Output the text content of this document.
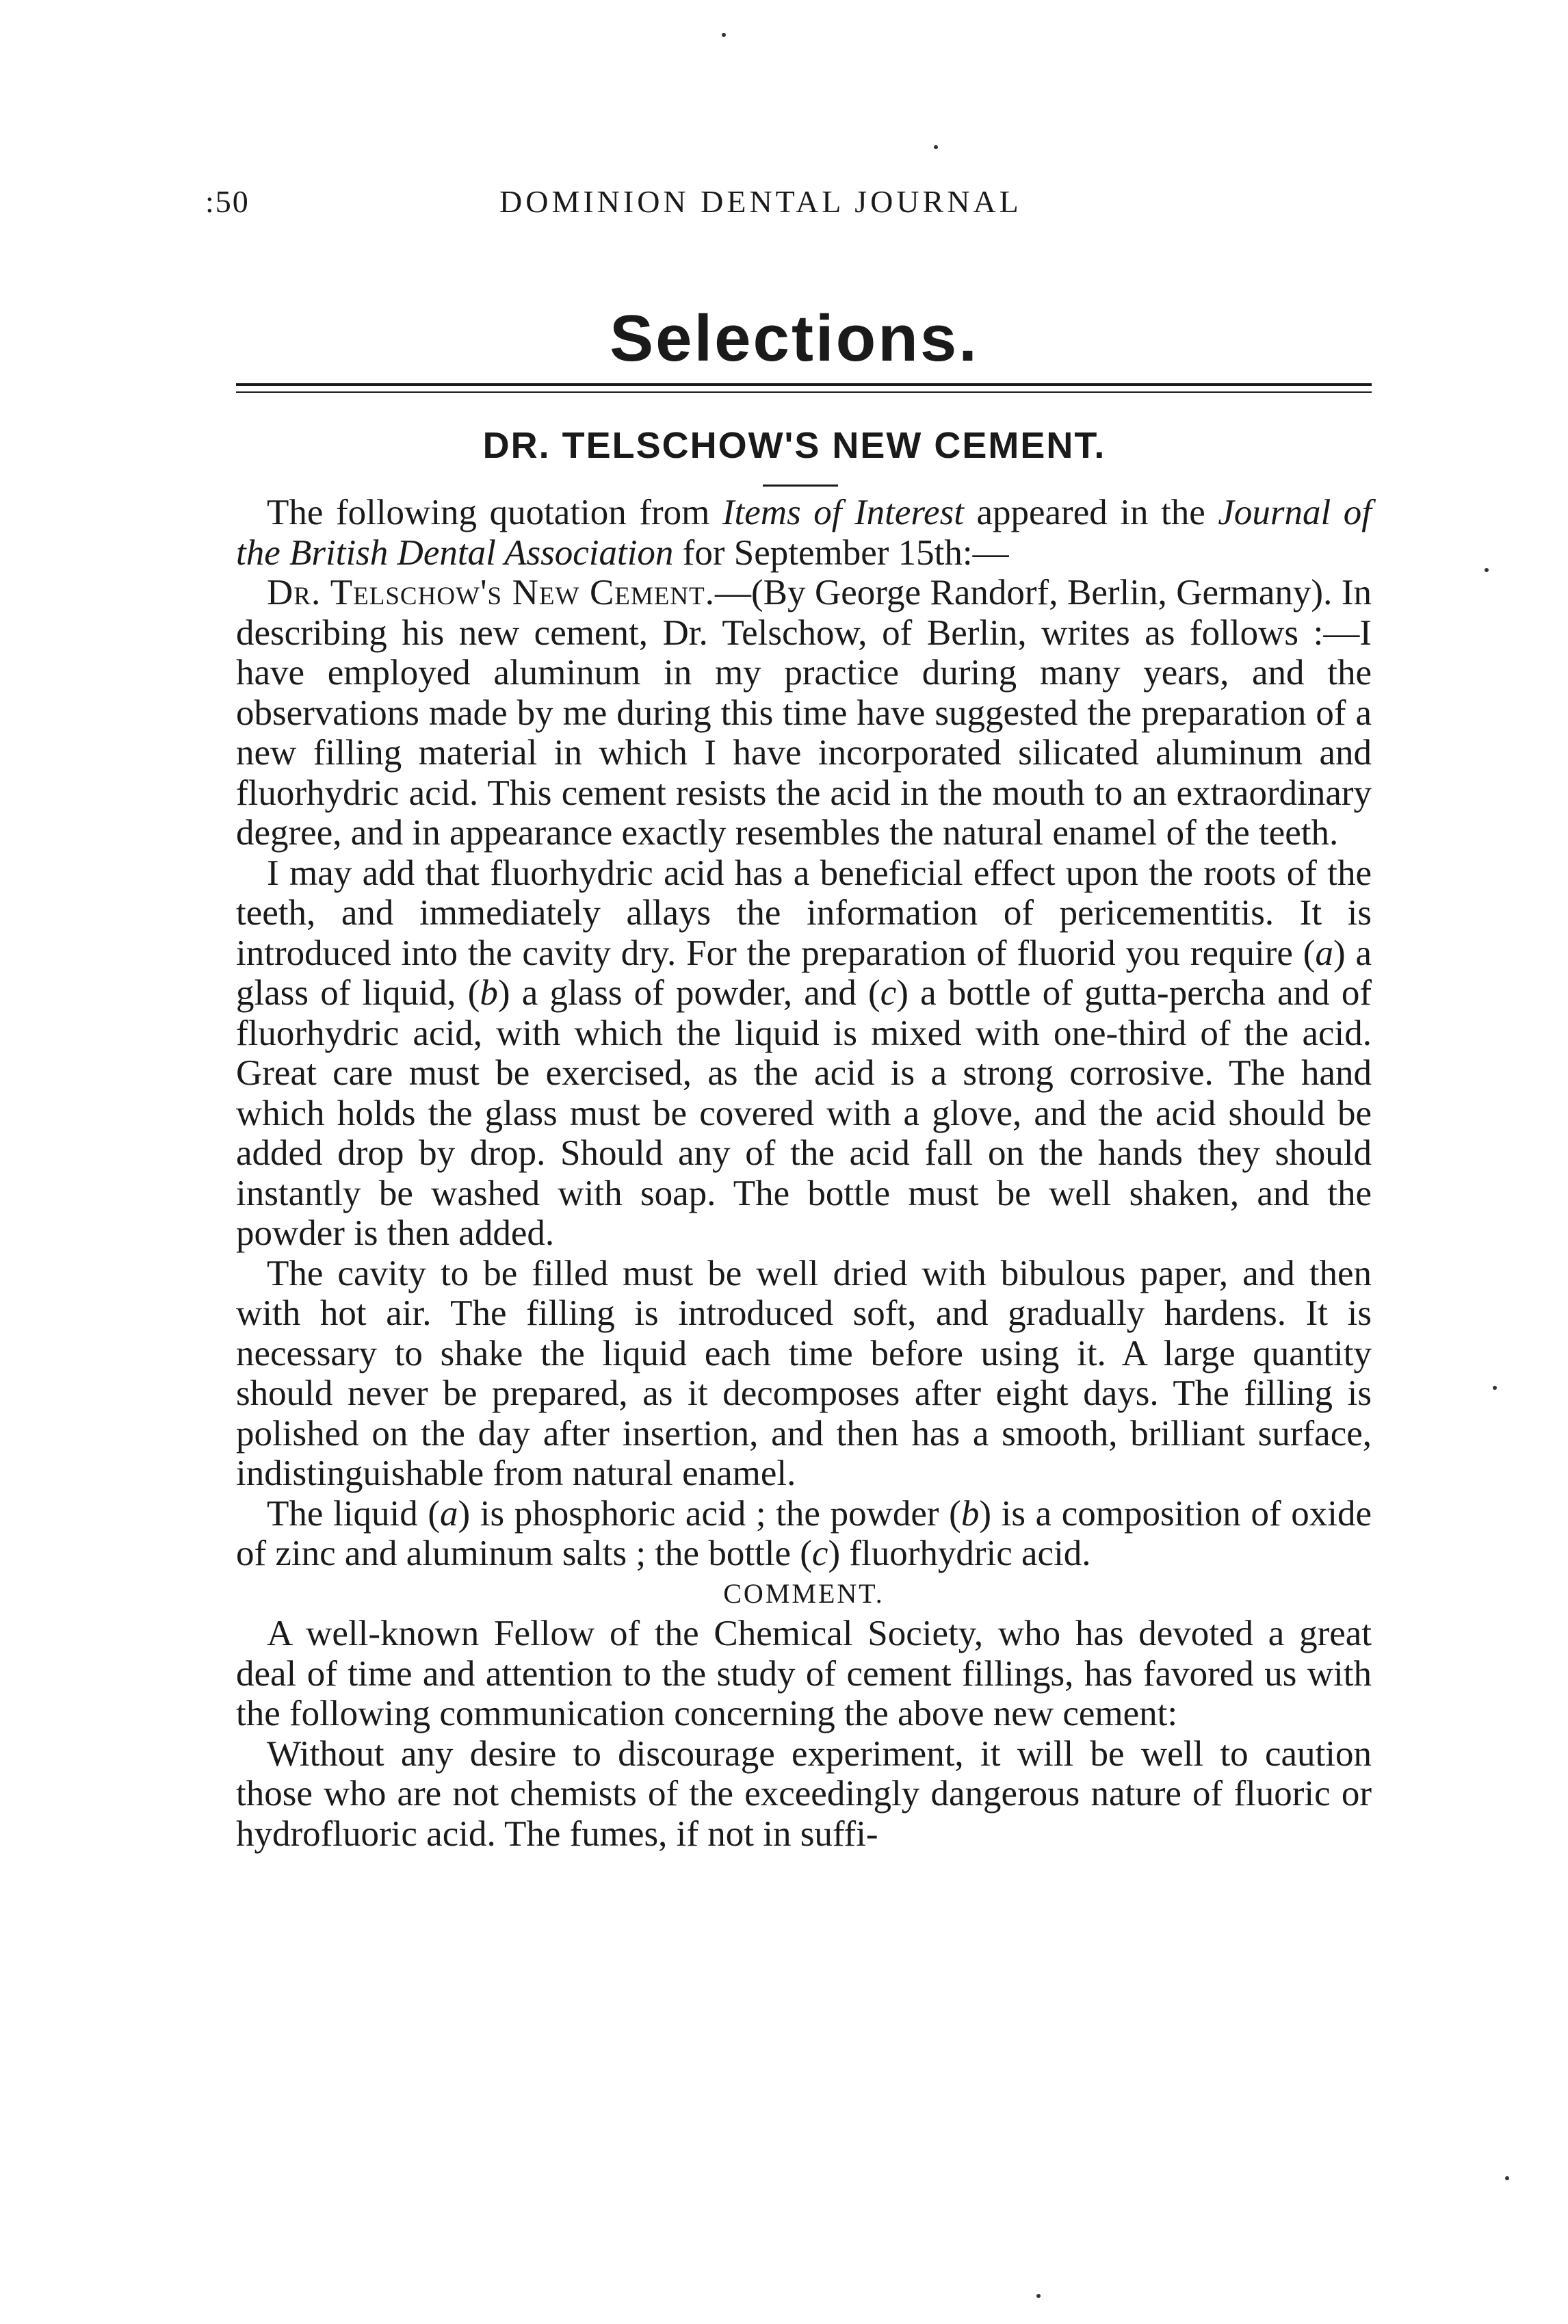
:50	DOMINION DENTAL JOURNAL
Selections.
DR. TELSCHOW'S NEW CEMENT.

The following quotation from Items of Interest appeared in the Journal of the British Dental Association for September 15th:—

Dr. Telschow's New Cement.—(By George Randorf, Berlin, Germany). In describing his new cement, Dr. Telschow, of Berlin, writes as follows :—I have employed aluminum in my practice during many years, and the observations made by me during this time have suggested the preparation of a new filling material in which I have incorporated silicated aluminum and fluorhydric acid. This cement resists the acid in the mouth to an extraordinary degree, and in appearance exactly resembles the natural enamel of the teeth.

I may add that fluorhydric acid has a beneficial effect upon the roots of the teeth, and immediately allays the information of pericementitis. It is introduced into the cavity dry. For the preparation of fluorid you require (a) a glass of liquid, (b) a glass of powder, and (c) a bottle of gutta-percha and of fluorhydric acid, with which the liquid is mixed with one-third of the acid. Great care must be exercised, as the acid is a strong corrosive. The hand which holds the glass must be covered with a glove, and the acid should be added drop by drop. Should any of the acid fall on the hands they should instantly be washed with soap. The bottle must be well shaken, and the powder is then added.

The cavity to be filled must be well dried with bibulous paper, and then with hot air. The filling is introduced soft, and gradually hardens. It is necessary to shake the liquid each time before using it. A large quantity should never be prepared, as it decomposes after eight days. The filling is polished on the day after insertion, and then has a smooth, brilliant surface, indistinguishable from natural enamel.

The liquid (a) is phosphoric acid ; the powder (b) is a composition of oxide of zinc and aluminum salts ; the bottle (c) fluorhydric acid.

COMMENT.

A well-known Fellow of the Chemical Society, who has devoted a great deal of time and attention to the study of cement fillings, has favored us with the following communication concerning the above new cement:

Without any desire to discourage experiment, it will be well to caution those who are not chemists of the exceedingly dangerous nature of fluoric or hydrofluoric acid. The fumes, if not in suffi-
